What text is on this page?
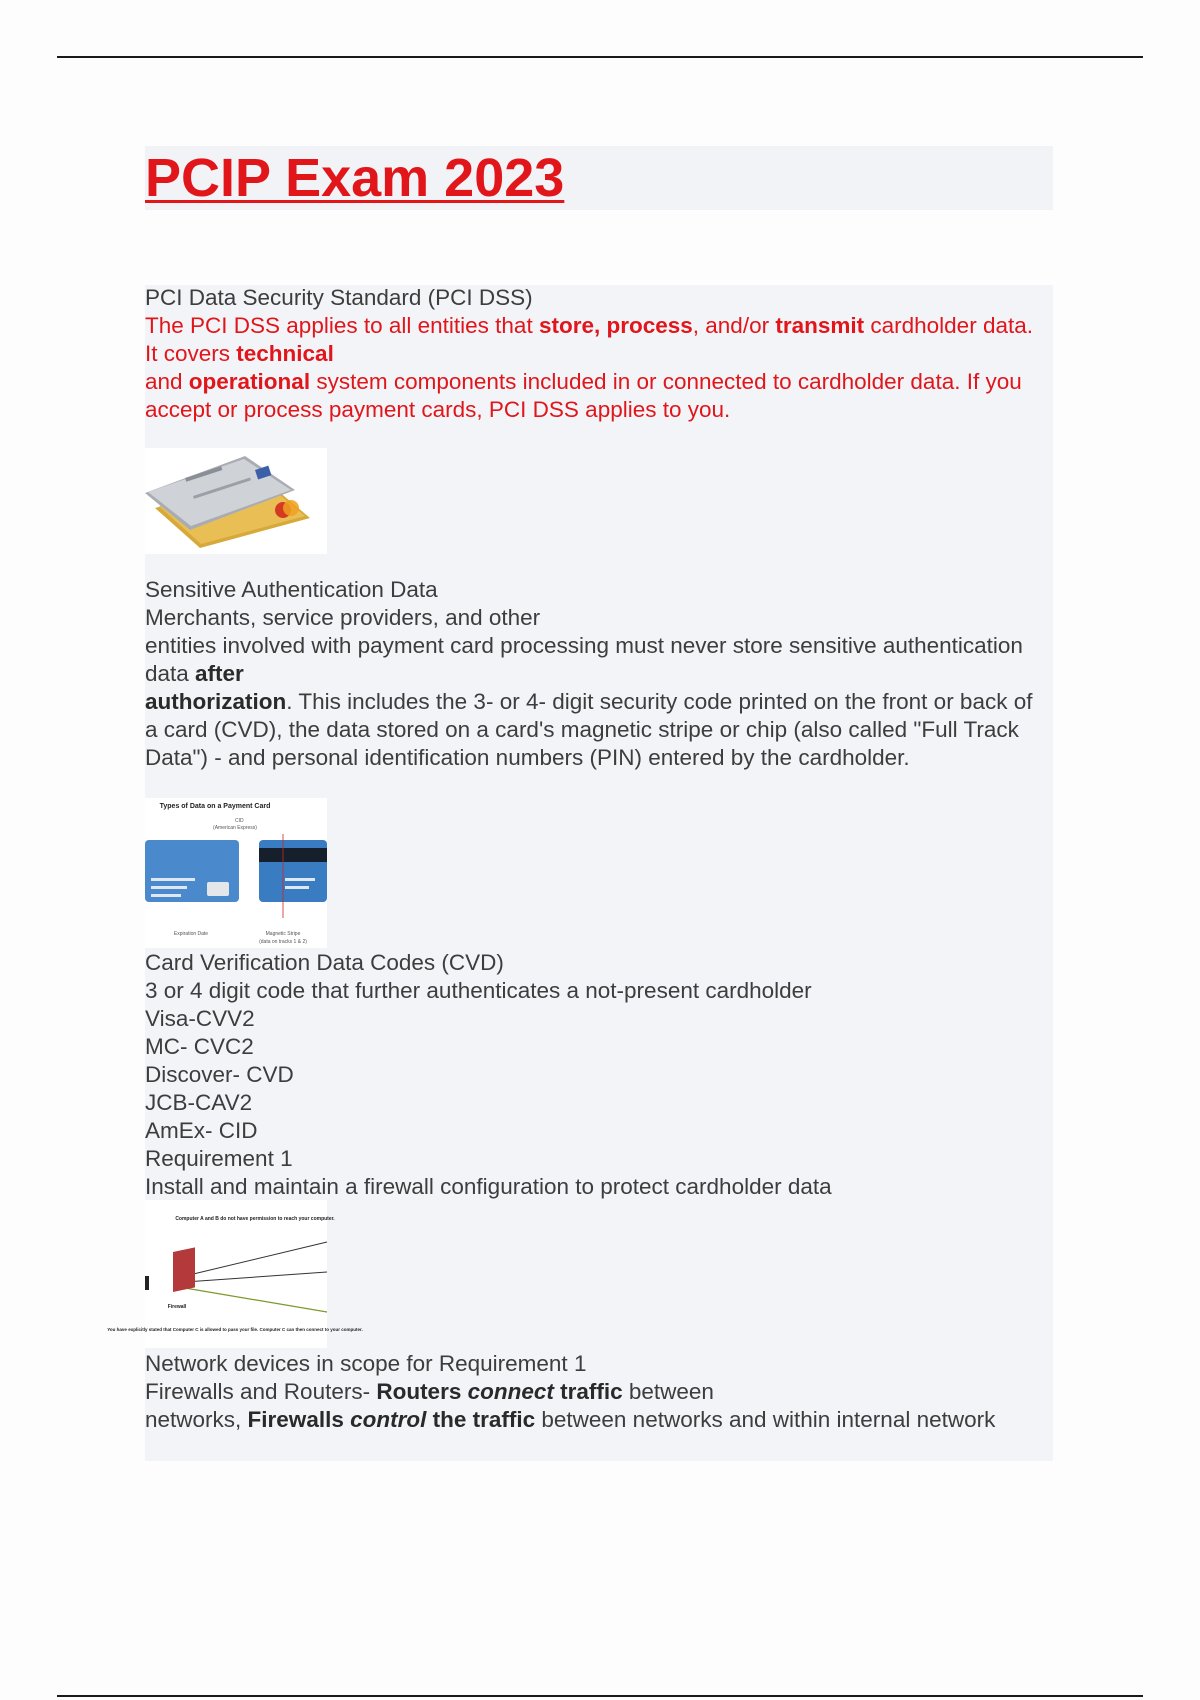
PCIP Exam 2023

PCI Data Security Standard (PCI DSS)

The PCI DSS applies to all entities that store, process, and/or transmit cardholder data. It covers technical

and operational system components included in or connected to cardholder data. If you accept or process payment cards, PCI DSS applies to you.

Sensitive Authentication Data

Merchants, service providers, and other

entities involved with payment card processing must never store sensitive authentication data after

authorization. This includes the 3- or 4- digit security code printed on the front or back of a card (CVD), the data stored on a card's magnetic stripe or chip (also called "Full Track Data") - and personal identification numbers (PIN) entered by the cardholder.

Types of Data on a Payment Card
CID
(American Express)
Expiration Date	Magnetic Stripe
(data on tracks 1 & 2)

Card Verification Data Codes (CVD)

3 or 4 digit code that further authenticates a not-present cardholder

Visa-CVV2

MC- CVC2

Discover- CVD

JCB-CAV2

AmEx- CID

Requirement 1

Install and maintain a firewall configuration to protect cardholder data

Computer A and B do not have permission to reach your computer.
Firewall
You have explicitly stated that Computer C is allowed to pass your file. Computer C can then connect to your computer.

Network devices in scope for Requirement 1

Firewalls and Routers- Routers connect traffic between

networks, Firewalls control the traffic between networks and within internal network
